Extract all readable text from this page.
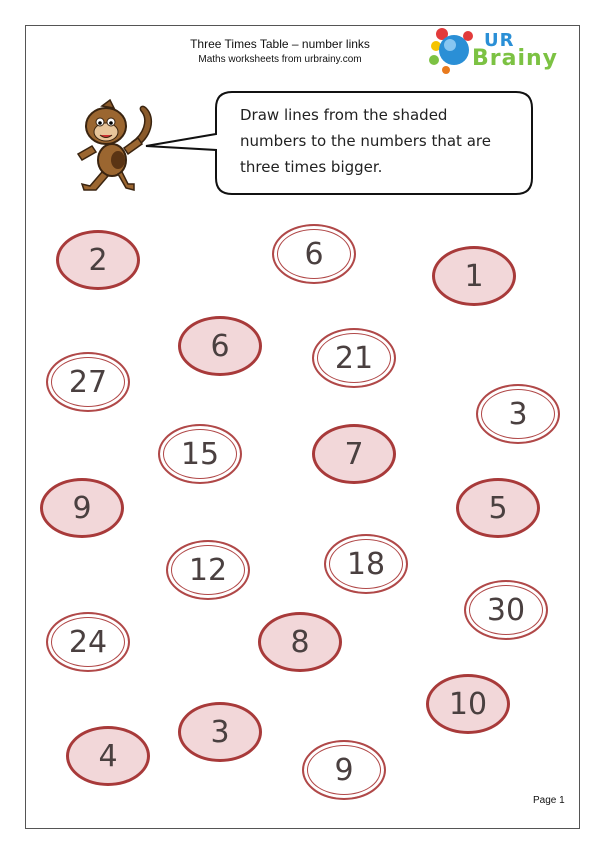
Three Times Table – number links
Maths worksheets from urbrainy.com
UR
Brainy
Draw lines from the shaded
numbers to the numbers that are
three times bigger.
2	6
1
6	21
27
3
15	7
9	5
12	18
30
24	8
10
3
4	9
Page 1
